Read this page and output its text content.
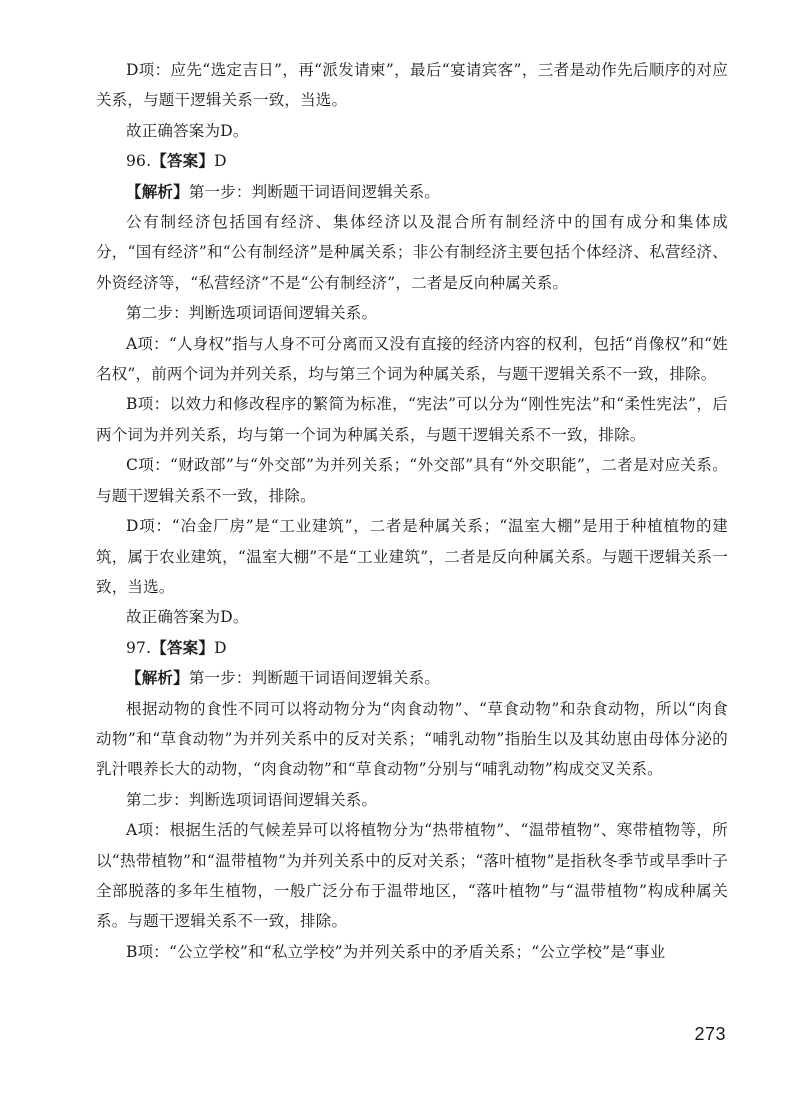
D项：应先“选定吉日”，再“派发请柬”，最后“宴请宾客”，三者是动作先后顺序的对应关系，与题干逻辑关系一致，当选。

故正确答案为D。

96.【答案】D

【解析】第一步：判断题干词语间逻辑关系。

公有制经济包括国有经济、集体经济以及混合所有制经济中的国有成分和集体成分，“国有经济”和“公有制经济”是种属关系；非公有制经济主要包括个体经济、私营经济、外资经济等，“私营经济”不是“公有制经济”，二者是反向种属关系。

第二步：判断选项词语间逻辑关系。

A项：“人身权”指与人身不可分离而又没有直接的经济内容的权利，包括“肖像权”和“姓名权”，前两个词为并列关系，均与第三个词为种属关系，与题干逻辑关系不一致，排除。

B项：以效力和修改程序的繁简为标准，“宪法”可以分为“刚性宪法”和“柔性宪法”，后两个词为并列关系，均与第一个词为种属关系，与题干逻辑关系不一致，排除。

C项：“财政部”与“外交部”为并列关系；“外交部”具有“外交职能”，二者是对应关系。与题干逻辑关系不一致，排除。

D项：“冶金厂房”是“工业建筑”，二者是种属关系；“温室大棚”是用于种植植物的建筑，属于农业建筑，“温室大棚”不是“工业建筑”，二者是反向种属关系。与题干逻辑关系一致，当选。

故正确答案为D。

97.【答案】D

【解析】第一步：判断题干词语间逻辑关系。

根据动物的食性不同可以将动物分为“肉食动物”、“草食动物”和杂食动物，所以“肉食动物”和“草食动物”为并列关系中的反对关系；“哺乳动物”指胎生以及其幼崽由母体分泌的乳汁喂养长大的动物，“肉食动物”和“草食动物”分别与“哺乳动物”构成交叉关系。

第二步：判断选项词语间逻辑关系。

A项：根据生活的气候差异可以将植物分为“热带植物”、“温带植物”、寒带植物等，所以“热带植物”和“温带植物”为并列关系中的反对关系；“落叶植物”是指秋冬季节或旱季叶子全部脱落的多年生植物，一般广泛分布于温带地区，“落叶植物”与“温带植物”构成种属关系。与题干逻辑关系不一致，排除。

B项：“公立学校”和“私立学校”为并列关系中的矛盾关系；“公立学校”是“事业

273
